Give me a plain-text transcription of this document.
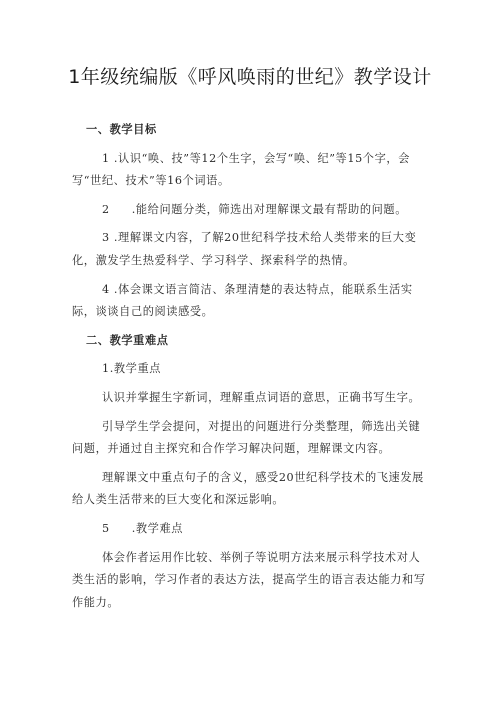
1年级统编版《呼风唤雨的世纪》教学设计
一、教学目标
1 .认识“唤、技”等12个生字，会写“唤、纪”等15个字，会写“世纪、技术”等16个词语。
2 .能给问题分类，筛选出对理解课文最有帮助的问题。
3 .理解课文内容，了解20世纪科学技术给人类带来的巨大变化，激发学生热爱科学、学习科学、探索科学的热情。
4 .体会课文语言简洁、条理清楚的表达特点，能联系生活实际，谈谈自己的阅读感受。
二、教学重难点
1.教学重点
认识并掌握生字新词，理解重点词语的意思，正确书写生字。
引导学生学会提问，对提出的问题进行分类整理，筛选出关键问题，并通过自主探究和合作学习解决问题，理解课文内容。
理解课文中重点句子的含义，感受20世纪科学技术的飞速发展给人类生活带来的巨大变化和深远影响。
5 .教学难点
体会作者运用作比较、举例子等说明方法来展示科学技术对人类生活的影响，学习作者的表达方法，提高学生的语言表达能力和写作能力。
